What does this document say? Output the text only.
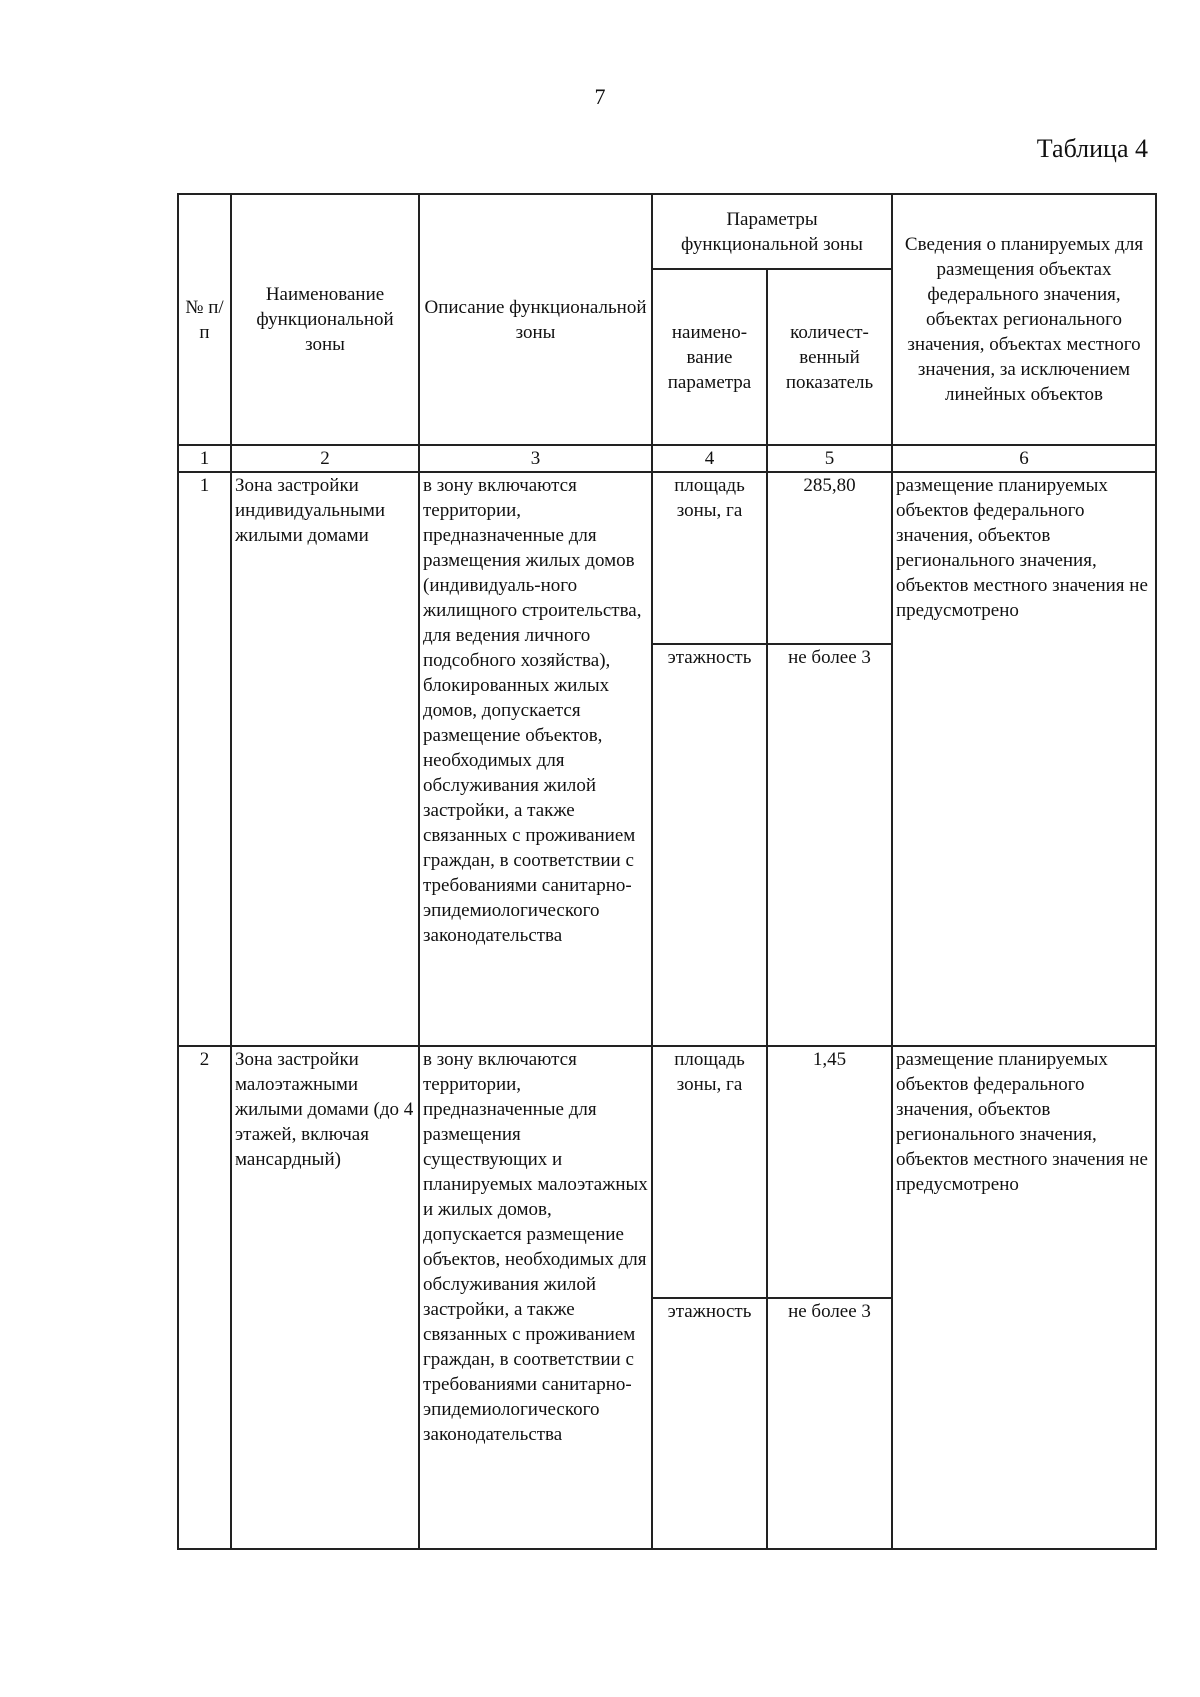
7
Таблица 4
№ п/п	Наименование функциональной зоны	Описание функциональной зоны	Параметры функциональной зоны		Сведения о планируемых для размещения объектах федерального значения, объектах регионального значения, объектах местного значения, за исключением линейных объектов
			наимено- вание параметра	количест- венный показатель	
1	2	3	4	5	6
1	Зона застройки индивидуальными жилыми домами	в зону включаются территории, предназначенные для размещения жилых домов (индивидуаль-ного жилищного строительства, для ведения личного подсобного хозяйства), блокированных жилых домов, допускается размещение объектов, необходимых для обслуживания жилой застройки, а также связанных с проживанием граждан, в соответствии с требованиями санитарно-эпидемиологического законодательства	площадь зоны, га	285,80	размещение планируемых объектов федерального значения, объектов регионального значения, объектов местного значения не предусмотрено
			этажность	не более 3	
2	Зона застройки малоэтажными жилыми домами (до 4 этажей, включая мансардный)	в зону включаются территории, предназначенные для размещения существующих и планируемых малоэтажных и жилых домов, допускается размещение объектов, необходимых для обслуживания жилой застройки, а также связанных с проживанием граждан, в соответствии с требованиями санитарно-эпидемиологического законодательства	площадь зоны, га	1,45	размещение планируемых объектов федерального значения, объектов регионального значения, объектов местного значения не предусмотрено
			этажность	не более 3	
